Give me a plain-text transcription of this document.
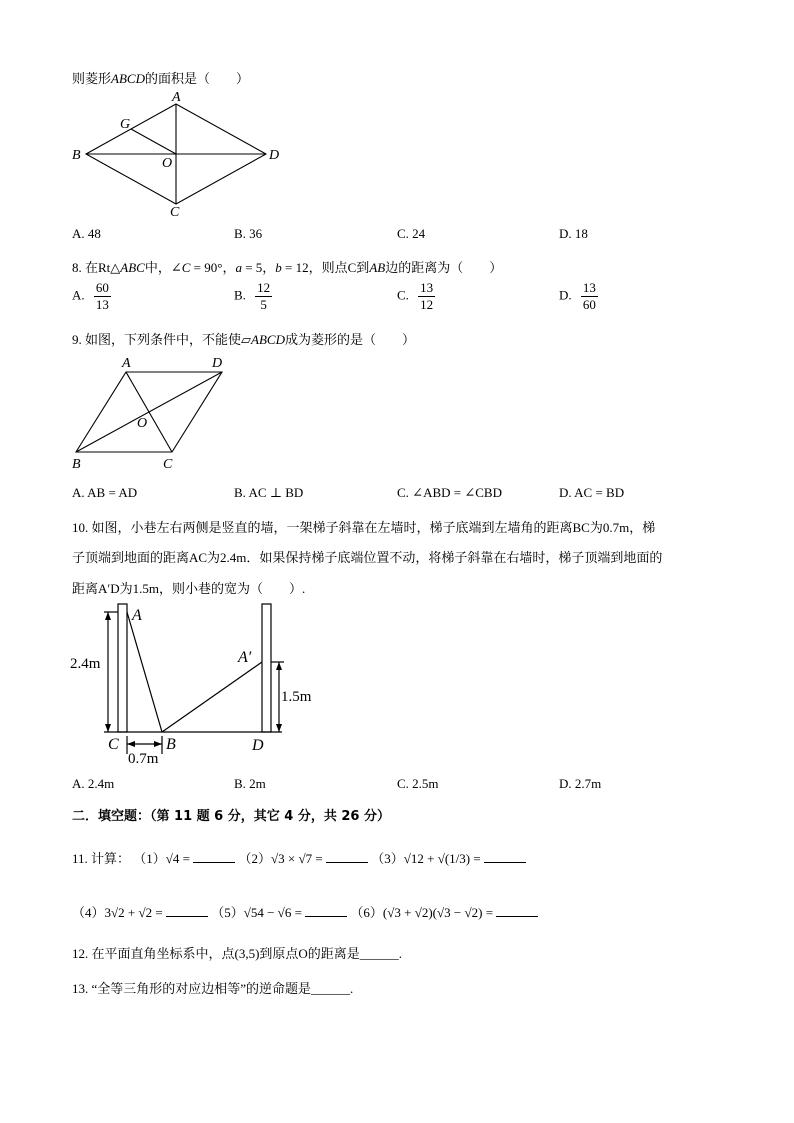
则菱形ABCD的面积是（　　）
A
B	D
C
G
O
A. 48	B. 36	C. 24	D. 18
8. 在Rt△ABC中，∠C = 90°，a = 5，b = 12，则点C到AB边的距离为（　　）
A. $\frac{60}{13}$	B. $\frac{12}{5}$	C. $\frac{13}{12}$	D. $\frac{13}{60}$
9. 如图，下列条件中，不能使▱ABCD成为菱形的是（　　）
A	D
B	C
O
A. AB = AD	B. AC ⊥ BD	C. ∠ABD = ∠CBD	D. AC = BD
10. 如图，小巷左右两侧是竖直的墙，一架梯子斜靠在左墙时，梯子底端到左墙角的距离BC为0.7m，梯
子顶端到地面的距离AC为2.4m．如果保持梯子底端位置不动，将梯子斜靠在右墙时，梯子顶端到地面的
距离A′D为1.5m，则小巷的宽为（　　）.
2.4m
1.5m
0.7m
A
A′
C	B	D
A. 2.4m	B. 2m	C. 2.5m	D. 2.7m
二．填空题：（第 11 题 6 分，其它 4 分，共 26 分）
11. 计算： （1）√4 =	（2）√3 × √7 =	（3）√12 + √(1/3) =
（4）3√2 + √2 =	（5）√54 − √6 =	（6）(√3 + √2)(√3 − √2) =
12. 在平面直角坐标系中，点(3,5)到原点O的距离是______.
13. “全等三角形的对应边相等”的逆命题是______.
